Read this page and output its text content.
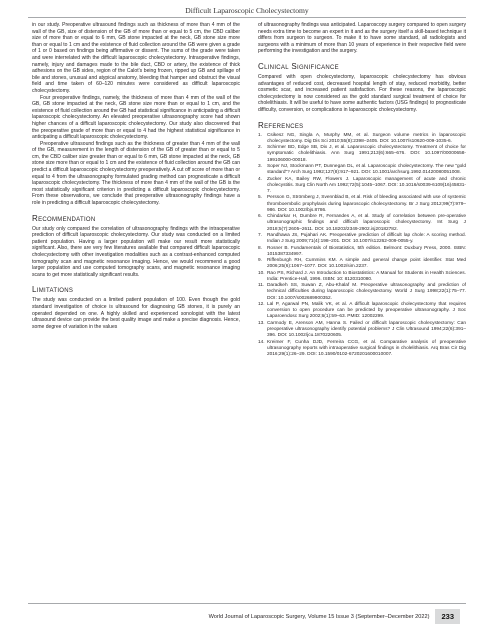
Difficult Laparoscopic Cholecystectomy

in our study. Preoperative ultrasound findings such as thickness of more than 4 mm of the wall of the GB, size of distension of the GB of more than or equal to 5 cm, the CBD caliber size of more than or equal to 6 mm, GB stone impacted at the neck, GB stone size more than or equal to 1 cm and the existence of fluid collection around the GB were given a grade of 1 or 0 based on findings being affirmative or dissent. The sums of the grade were taken and were interrelated with the difficult laparoscopic cholecystectomy. Intraoperative findings, namely, injury and damages made to the bile duct, CBD or artery, the existence of thick adhesions on the GB sides, region of the Calot's being frozen, ripped up GB and spillage of bile and stones, unusual and atypical anatomy, bleeding that hamper and obstruct the visual field and time taken of 60–120 minutes were considered as difficult laparoscopic cholecystectomy.

Four preoperative findings, namely, the thickness of more than 4 mm of the wall of the GB, GB stone impacted at the neck, GB stone size more than or equal to 1 cm, and the existence of fluid collection around the GB had statistical significance in anticipating a difficult laparoscopic cholecystectomy. An elevated preoperative ultrasonography score had shown higher chances of a difficult laparoscopic cholecystectomy. Our study also discovered that the preoperative grade of more than or equal to 4 had the highest statistical significance in anticipating a difficult laparoscopic cholecystectomy.

Preoperative ultrasound findings such as the thickness of greater than 4 mm of the wall of the GB, measurement in the length of distension of the GB of greater than or equal to 5 cm, the CBD caliber size greater than or equal to 6 mm, GB stone impacted at the neck, GB stone size more than or equal to 1 cm and the existence of fluid collection around the GB can predict a difficult laparoscopic cholecystectomy preoperatively. A cut off score of more than or equal to 4 from the ultrasonography formulated grading method can prognosticate a difficult laparoscopic cholecystectomy. The thickness of more than 4 mm of the wall of the GB is the most statistically significant criterion in predicting a difficult laparoscopic cholecystectomy. From these observations, we conclude that preoperative ultrasonography findings have a role in predicting a difficult laparoscopic cholecystectomy.

Recommendation

Our study only compared the correlation of ultrasonography findings with the intraoperative prediction of difficult laparoscopic cholecystectomy. Our study was conducted on a limited patient population. Having a larger population will make our result more statistically significant. Also, there are very few literatures available that compared difficult laparoscopic cholecystectomy with other investigation modalities such as a contrast-enhanced computed tomography scan and magnetic resonance imaging. Hence, we would recommend a good larger population and use computed tomography scans, and magnetic resonance imaging scans to get more statistically significant results.

Limitations

The study was conducted on a limited patient population of 100. Even though the gold standard investigation of choice is ultrasound for diagnosing GB stones, it is purely an operated depended on one. A highly skilled and experienced sonologist with the latest ultrasound device can provide the best quality image and make a precise diagnosis. Hence, some degree of variation in the values

of ultrasonography findings was anticipated. Laparoscopy surgery compared to open surgery needs extra time to become an expert in it and as the surgery itself a skill-based technique it differs from surgeon to surgeon. To make it to have some standard, all radiologists and surgeons with a minimum of more than 10 years of experience in their respective field were performing the investigation and the surgery.

Clinical Significance

Compared with open cholecystectomy, laparoscopic cholecystectomy has obvious advantages of reduced cost, decreased hospital length of stay, reduced morbidity, better cosmetic scar, and increased patient satisfaction. For these reasons, the laparoscopic cholecystectomy is now considered as the gold standard surgical treatment of choice for cholelithiasis. It will be useful to have some authentic factors (USG findings) to prognosticate difficulty, conversion, or complications in laparoscopic cholecystectomy.

References
1.	Csikesz NG, Singla A, Murphy MM, et al. Surgeon volume metrics in laparoscopic cholecystectomy. Dig Dis Sci 2010;55(8):2398–2405. DOI: 10.1007/s10620-009-1035-6.
2.	Schirmer BD, Edge SB, Dix J, et al. Laparoscopic cholecystectomy. Treatment of choice for symptomatic cholelithiasis. Ann Surg 1991;213(6):665–676. DOI: 10.1097/00000658-199106000-00018.
3.	Soper NJ, Stockmann PT, Dunnegan DL, et al. Laparoscopic cholecystectomy. The new "gold standard"? Arch Surg 1992;127(8):917–921. DOI: 10.1001/archsurg.1992.01420080051008.
4.	Zucker KA, Bailey RW, Flowers J. Laparoscopic management of acute and chronic cholecystitis. Surg Clin North Am 1992;72(5):1045–1067. DOI: 10.1016/s0039-6109(16)45831-7.
5.	Persson G, Strömberg J, Svennblad B, et al. Risk of bleeding associated with use of systemic thromboembolic prophylaxis during laparoscopic cholecystectomy. Br J Surg 2012;99(7):979–986. DOI: 10.1002/bjs.8786.
6.	Chindarkar H, Dumbre R, Fernandes A, et al. Study of correlation between pre-operative ultrasonographic findings and difficult laparoscopic cholecystectomy. Int Surg J 2018;5(7):2605–2611. DOI: 10.18203/2349-2902.isj20182782.
7.	Randhawa JS, Pujahari AK. Preoperative prediction of difficult lap chole: A scoring method. Indian J Surg 2009;71(4):198–201. DOI: 10.1007/s12262-009-0055-y.
8.	Rosner B. Fundamentals of Biostatistics, 5th edition. Belmont: Duxbury Press, 2000. ISBN: 1015387334997.
9.	Riffenburgh RH, Cummins KM. A simple and general change point identifier. Stat Med 2006;25(6):1067–1077. DOI: 10.1002/sim.2237.
10. Rao PS, Richard J. An Introduction to Biostatistics: A Manual for Students in Health Sciences. India: Prentice-Hall, 1996. ISBN: 10: 8120310080.
11. Daradkeh SS, Suwan Z, Abu-Khalaf M. Preoperative ultrasonography and prediction of technical difficulties during laparoscopic cholecystectomy. World J Surg 1998;22(1):75–77. DOI: 10.1007/s002689900352.
12. Lal P, Agarwal PN, Malik VK, et al. A difficult laparoscopic cholecystectomy that requires conversion to open procedure can be predicted by preoperative ultrasonography. J Soc Laparoendosc Surg 2002;6(1):59–63. PMID: 12002299.
13. Carmody E, Arenson AM, Hanna S. Failed or difficult laparoscopic cholecystectomy: Can preoperative ultrasonography identify potential problems? J Clin Ultrasound 1994;22(6):391–396. DOI: 10.1002/jcu.1870220605.
14. Kreimer F, Cunha DJD, Ferreira CCG, et al. Comparative analysis of preoperative ultrasonography reports with intraoperative surgical findings in cholelithiasis. Arq Bras Cir Dig 2016;29(1):26–29. DOI: 10.1590/0102-6720201600010007.
World Journal of Laparoscopic Surgery, Volume 15 Issue 3 (September–December 2022)	233
